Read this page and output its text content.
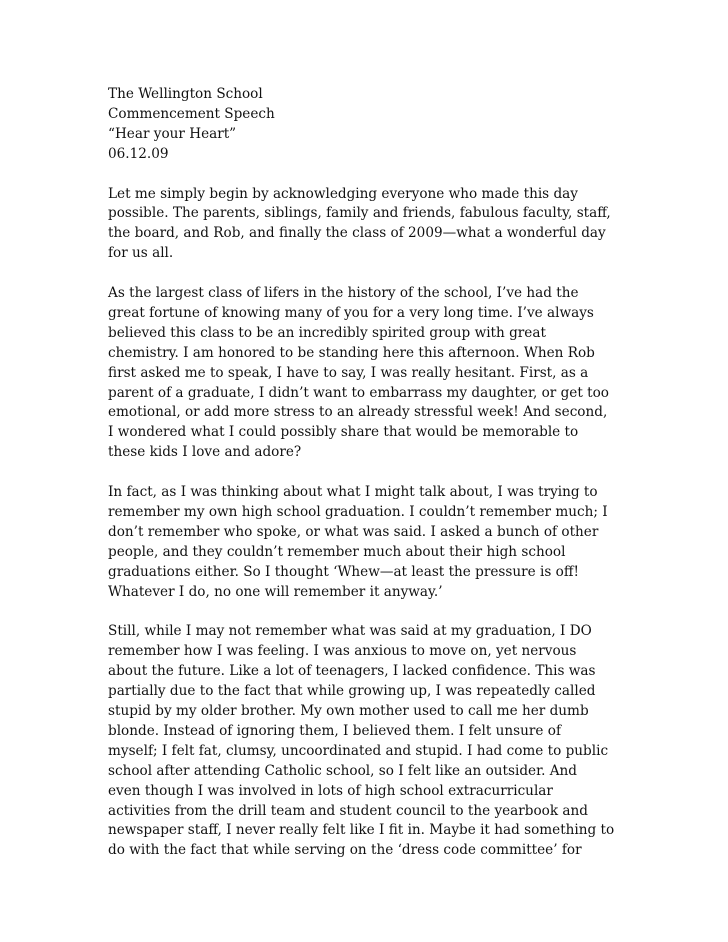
The Wellington School
Commencement Speech
“Hear your Heart”
06.12.09

Let me simply begin by acknowledging everyone who made this day
possible. The parents, siblings, family and friends, fabulous faculty, staff,
the board, and Rob, and finally the class of 2009—what a wonderful day
for us all.

As the largest class of lifers in the history of the school, I’ve had the
great fortune of knowing many of you for a very long time. I’ve always
believed this class to be an incredibly spirited group with great
chemistry. I am honored to be standing here this afternoon. When Rob
first asked me to speak, I have to say, I was really hesitant. First, as a
parent of a graduate, I didn’t want to embarrass my daughter, or get too
emotional, or add more stress to an already stressful week! And second,
I wondered what I could possibly share that would be memorable to
these kids I love and adore?

In fact, as I was thinking about what I might talk about, I was trying to
remember my own high school graduation. I couldn’t remember much; I
don’t remember who spoke, or what was said. I asked a bunch of other
people, and they couldn’t remember much about their high school
graduations either. So I thought ‘Whew—at least the pressure is off!
Whatever I do, no one will remember it anyway.’

Still, while I may not remember what was said at my graduation, I DO
remember how I was feeling. I was anxious to move on, yet nervous
about the future. Like a lot of teenagers, I lacked confidence. This was
partially due to the fact that while growing up, I was repeatedly called
stupid by my older brother. My own mother used to call me her dumb
blonde. Instead of ignoring them, I believed them. I felt unsure of
myself; I felt fat, clumsy, uncoordinated and stupid. I had come to public
school after attending Catholic school, so I felt like an outsider. And
even though I was involved in lots of high school extracurricular
activities from the drill team and student council to the yearbook and
newspaper staff, I never really felt like I fit in. Maybe it had something to
do with the fact that while serving on the ‘dress code committee’ for
